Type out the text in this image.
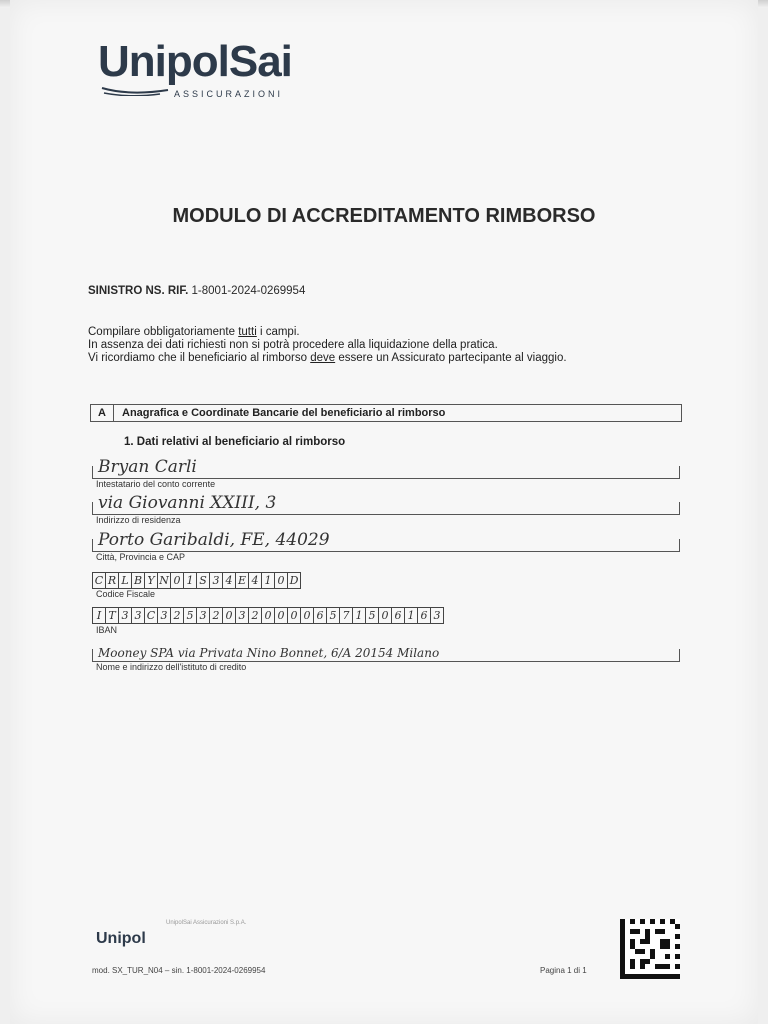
UnipolSai
ASSICURAZIONI
MODULO DI ACCREDITAMENTO RIMBORSO
SINISTRO NS. RIF. 1-8001-2024-0269954
Compilare obbligatoriamente tutti i campi.
In assenza dei dati richiesti non si potrà procedere alla liquidazione della pratica.
Vi ricordiamo che il beneficiario al rimborso deve essere un Assicurato partecipante al viaggio.
A	Anagrafica e Coordinate Bancarie del beneficiario al rimborso
1. Dati relativi al beneficiario al rimborso
Bryan Carli
Intestatario del conto corrente
via Giovanni XXIII, 3
Indirizzo di residenza
Porto Garibaldi, FE, 44029
Città, Provincia e CAP
C R L B Y N 0 1 S 3 4 E 4 1 0 D
Codice Fiscale
I T 3 3 C 3 2 5 3 2 0 3 2 0 0 0 0 6 5 7 1 5 0 6 1 6 3
IBAN
Mooney SPA via Privata Nino Bonnet, 6/A 20154 Milano
Nome e indirizzo dell'istituto di credito
Unipol
UnipolSai Assicurazioni S.p.A.
mod. SX_TUR_N04 – sin. 1-8001-2024-0269954	Pagina 1 di 1
